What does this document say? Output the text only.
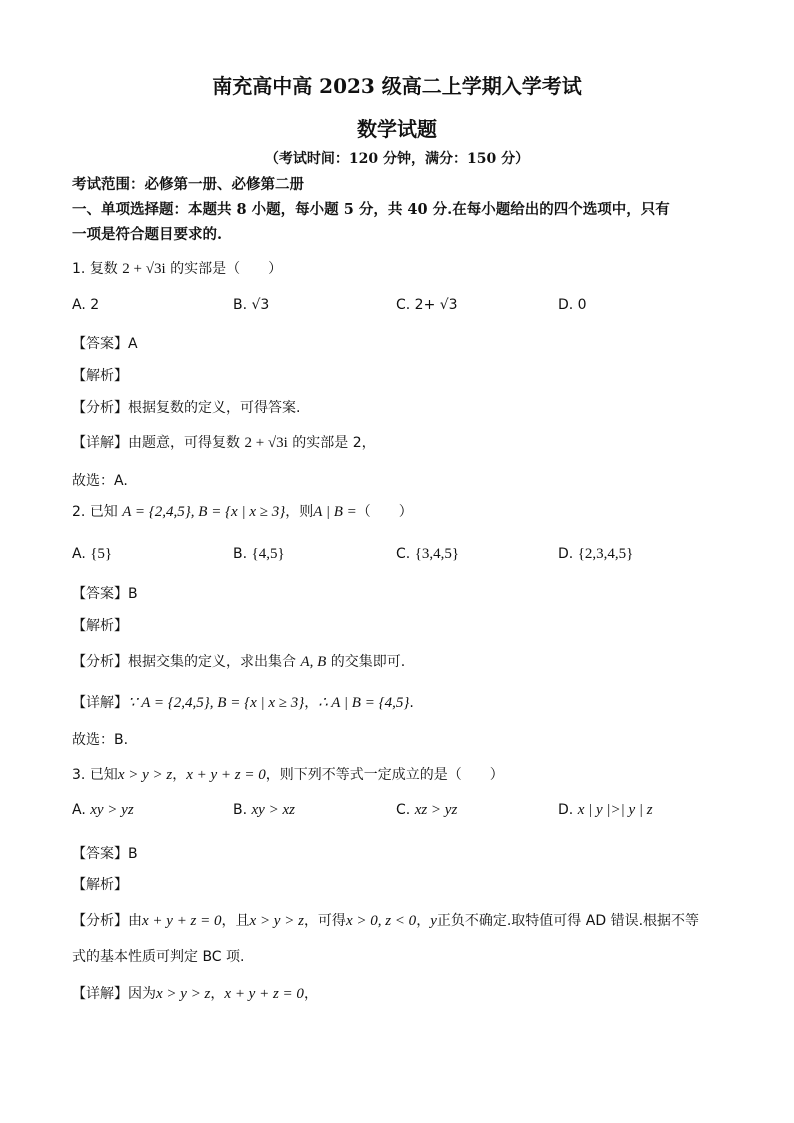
南充高中高 2023 级高二上学期入学考试
数学试题
（考试时间：120 分钟，满分：150 分）
考试范围：必修第一册、必修第二册
一、单项选择题：本题共 8 小题，每小题 5 分，共 40 分.在每小题给出的四个选项中，只有
一项是符合题目要求的.
1. 复数 2 + √3i 的实部是（　　）
A. 2	B. √3	C. 2+ √3	D. 0
【答案】A
【解析】
【分析】根据复数的定义，可得答案.
【详解】由题意，可得复数 2 + √3i 的实部是 2，
故选：A.
2. 已知 A = {2,4,5}, B = {x | x ≥ 3}，则A | B =（　　）
A. {5}	B. {4,5}	C. {3,4,5}	D. {2,3,4,5}
【答案】B
【解析】
【分析】根据交集的定义，求出集合 A, B 的交集即可.
【详解】∵ A = {2,4,5}, B = {x | x ≥ 3}，∴ A | B = {4,5}.
故选：B.
3. 已知x > y > z，x + y + z = 0，则下列不等式一定成立的是（　　）
A. xy > yz	B. xy > xz	C. xz > yz	D. x | y |>| y | z
【答案】B
【解析】
【分析】由x + y + z = 0，且x > y > z，可得x > 0, z < 0，y正负不确定.取特值可得 AD 错误.根据不等
式的基本性质可判定 BC 项.
【详解】因为x > y > z，x + y + z = 0，
